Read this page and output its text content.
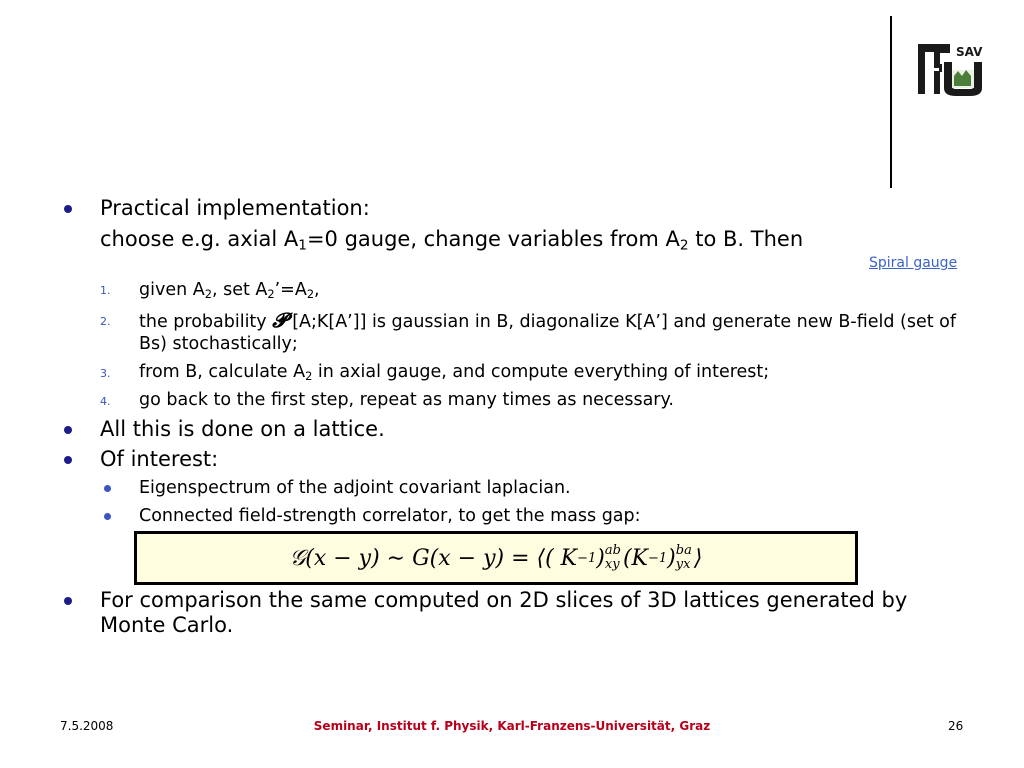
SAV
Spiral gauge
Practical implementation:
choose e.g. axial $A_1=0$ gauge, change variables from $A_2$ to B. Then
1. given $A_2$, set $A_2’=A_2$,
2. the probability 𝓟 [A;K[A’]] is gaussian in B, diagonalize K[A’] and generate new B-field (set of Bs) stochastically;
3. from B, calculate $A_2$ in axial gauge, and compute everything of interest;
4. go back to the first step, repeat as many times as necessary.
All this is done on a lattice.
Of interest:
Eigenspectrum of the adjoint covariant laplacian.
Connected field-strength correlator, to get the mass gap:
𝒢(x − y) ∼ G(x − y) = ⟨( K −1 ) ab
xy (K −1 ) ba
yx ⟩
For comparison the same computed on 2D slices of 3D lattices generated by Monte Carlo.
7.5.2008	Seminar, Institut f. Physik, Karl-Franzens-Universität, Graz	26
